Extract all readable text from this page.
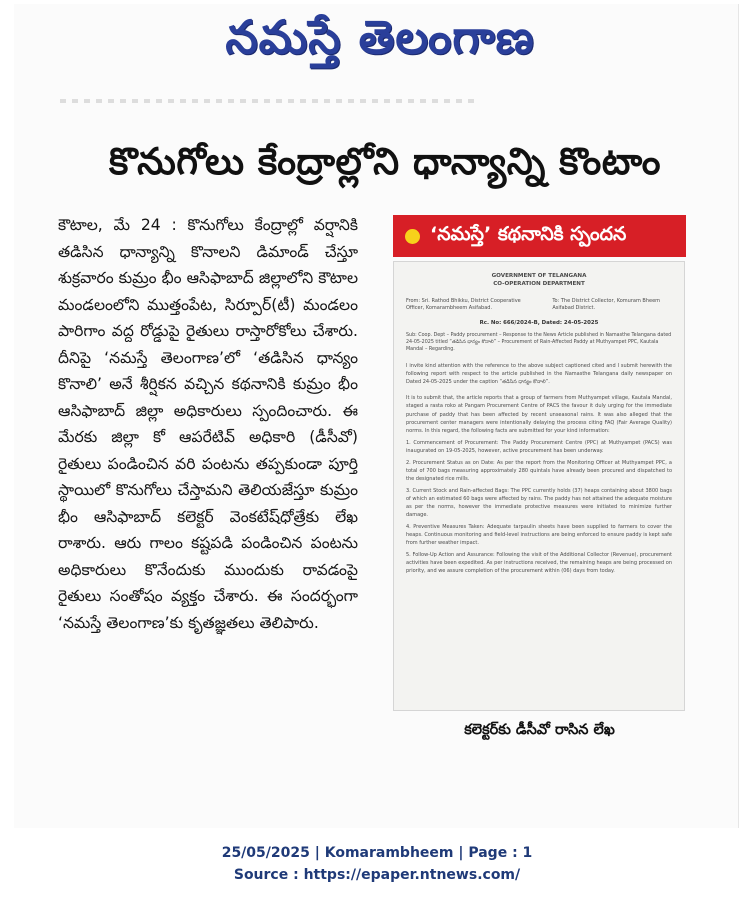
నమస్తే తెలంగాణ
కొనుగోలు కేంద్రాల్లోని ధాన్యాన్ని కొంటాం
కౌటాల, మే 24 : కొనుగోలు కేంద్రాల్లో వర్షానికి తడిసిన ధాన్యాన్ని కొనాలని డిమాండ్ చేస్తూ శుక్రవారం కుమ్రం భీం ఆసిఫాబాద్ జిల్లాలోని కౌటాల మండలంలోని ముత్తంపేట, సిర్పూర్(టీ) మండలం పారిగాం వద్ద రోడ్డుపై రైతులు రాస్తారోకోలు చేశారు. దీనిపై ‘నమస్తే తెలంగాణ’లో ‘తడిసిన ధాన్యం కొనాలి’ అనే శీర్షికన వచ్చిన కథనానికి కుమ్రం భీం ఆసిఫాబాద్ జిల్లా అధికారులు స్పందించారు. ఈ మేరకు జిల్లా కో ఆపరేటివ్ అధికారి (డీసీవో) రైతులు పండించిన వరి పంటను తప్పకుండా పూర్తి స్థాయిలో కొనుగోలు చేస్తామని తెలియజేస్తూ కుమ్రం భీం ఆసిఫాబాద్ కలెక్టర్ వెంకటేష్‌ధోత్రేకు లేఖ రాశారు. ఆరు గాలం కష్టపడి పండించిన పంటను అధికారులు కొనేందుకు ముందుకు రావడంపై రైతులు సంతోషం వ్యక్తం చేశారు. ఈ సందర్భంగా ‘నమస్తే తెలంగాణ’కు కృతజ్ఞతలు తెలిపారు.
‘నమస్తే’ కథనానికి స్పందన
GOVERNMENT OF TELANGANA
CO-OPERATION DEPARTMENT
From: Sri. Rathod Bhikku, District Cooperative Officer, Komarambheem Asifabad.
To: The District Collector, Komuram Bheem Asifabad District.
Rc. No: 666/2024-B, Dated: 24-05-2025
Sub: Coop. Dept – Paddy procurement – Response to the News Article published in Namasthe Telangana dated 24-05-2025 titled “తడిసిన ధాన్యం కొనాలి” – Procurement of Rain-Affected Paddy at Muthyampet PPC, Kautala Mandal – Regarding.
I invite kind attention with the reference to the above subject captioned cited and I submit herewith the following report with respect to the article published in the Namasthe Telangana daily newspaper on Dated 24-05-2025 under the caption “తడిసిన ధాన్యం కొనాలి”.
It is to submit that, the article reports that a group of farmers from Muthyampet village, Kautala Mandal, staged a rasta roko at Pangam Procurement Centre of PACS the favour it duly urging for the immediate purchase of paddy that has been affected by recent unseasonal rains. It was also alleged that the procurement center managers were intentionally delaying the process citing FAQ (Fair Average Quality) norms. In this regard, the following facts are submitted for your kind information:
1. Commencement of Procurement: The Paddy Procurement Centre (PPC) at Muthyampet (PACS) was inaugurated on 19-05-2025, however, active procurement has been underway.
2. Procurement Status as on Date: As per the report from the Monitoring Officer at Muthyampet PPC, a total of 700 bags measuring approximately 280 quintals have already been procured and dispatched to the designated rice mills.
3. Current Stock and Rain-affected Bags: The PPC currently holds (37) heaps containing about 3800 bags of which an estimated 60 bags were affected by rains. The paddy has not attained the adequate moisture as per the norms, however the immediate protective measures were initiated to minimize further damage.
4. Preventive Measures Taken: Adequate tarpaulin sheets have been supplied to farmers to cover the heaps. Continuous monitoring and field-level instructions are being enforced to ensure paddy is kept safe from further weather impact.
5. Follow-Up Action and Assurance: Following the visit of the Additional Collector (Revenue), procurement activities have been expedited. As per instructions received, the remaining heaps are being processed on priority, and we assure completion of the procurement within (06) days from today.
కలెక్టర్‌కు డీసీవో రాసిన లేఖ
25/05/2025 | Komarambheem | Page : 1
Source : https://epaper.ntnews.com/
